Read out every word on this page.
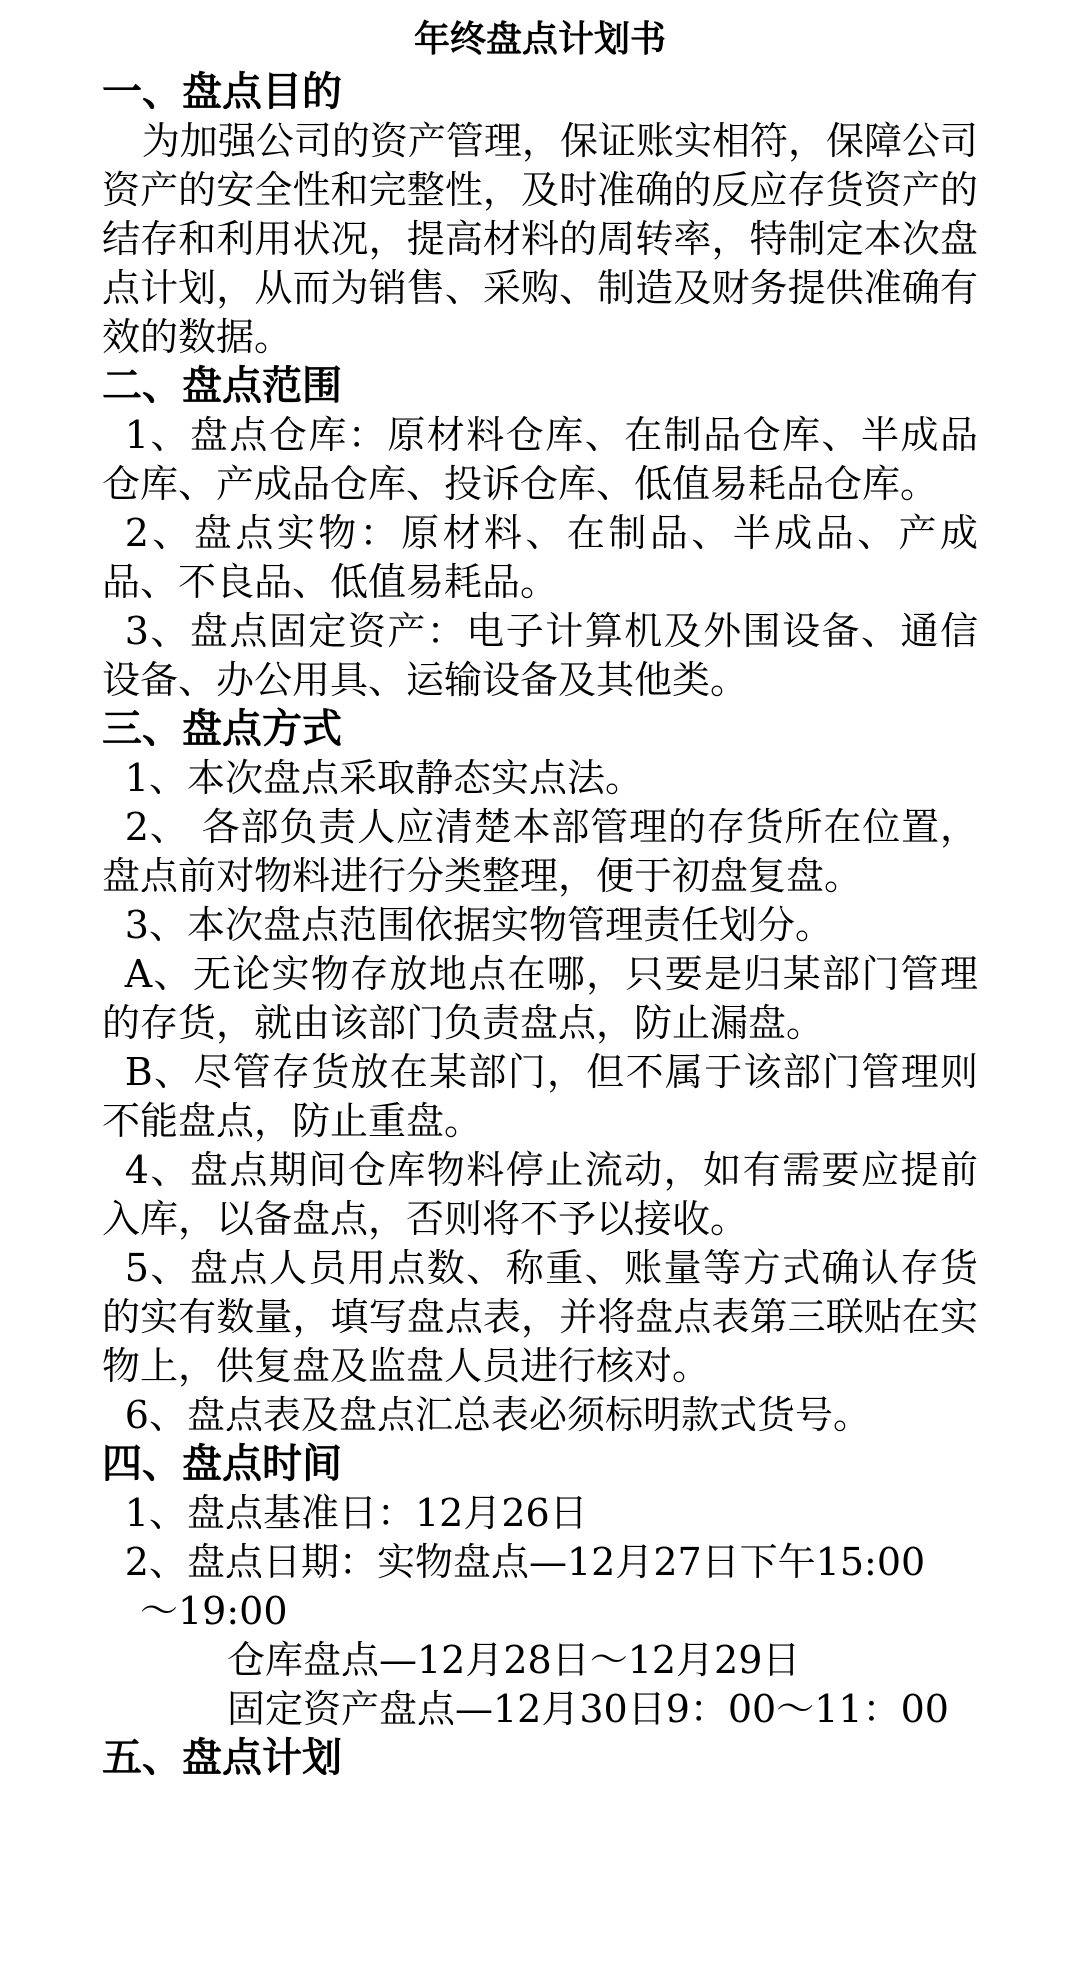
年终盘点计划书
一、盘点目的

为加强公司的资产管理，保证账实相符，保障公司资产的安全性和完整性，及时准确的反应存货资产的结存和利用状况，提高材料的周转率，特制定本次盘点计划，从而为销售、采购、制造及财务提供准确有效的数据。

二、盘点范围

1、盘点仓库：原材料仓库、在制品仓库、半成品仓库、产成品仓库、投诉仓库、低值易耗品仓库。

2、盘点实物：原材料、在制品、半成品、产成品、不良品、低值易耗品。

3、盘点固定资产：电子计算机及外围设备、通信设备、办公用具、运输设备及其他类。

三、盘点方式

1、本次盘点采取静态实点法。

2、 各部负责人应清楚本部管理的存货所在位置，盘点前对物料进行分类整理，便于初盘复盘。

3、本次盘点范围依据实物管理责任划分。

A、无论实物存放地点在哪，只要是归某部门管理的存货，就由该部门负责盘点，防止漏盘。

B、尽管存货放在某部门，但不属于该部门管理则不能盘点，防止重盘。

4、盘点期间仓库物料停止流动，如有需要应提前入库，以备盘点，否则将不予以接收。

5、盘点人员用点数、称重、账量等方式确认存货的实有数量，填写盘点表，并将盘点表第三联贴在实物上，供复盘及监盘人员进行核对。

6、盘点表及盘点汇总表必须标明款式货号。

四、盘点时间

1、盘点基准日：12月26日

2、盘点日期：实物盘点—12月27日下午15:00

～19:00
仓库盘点—12月28日～12月29日
固定资产盘点—12月30日9：00～11：00
五、盘点计划
